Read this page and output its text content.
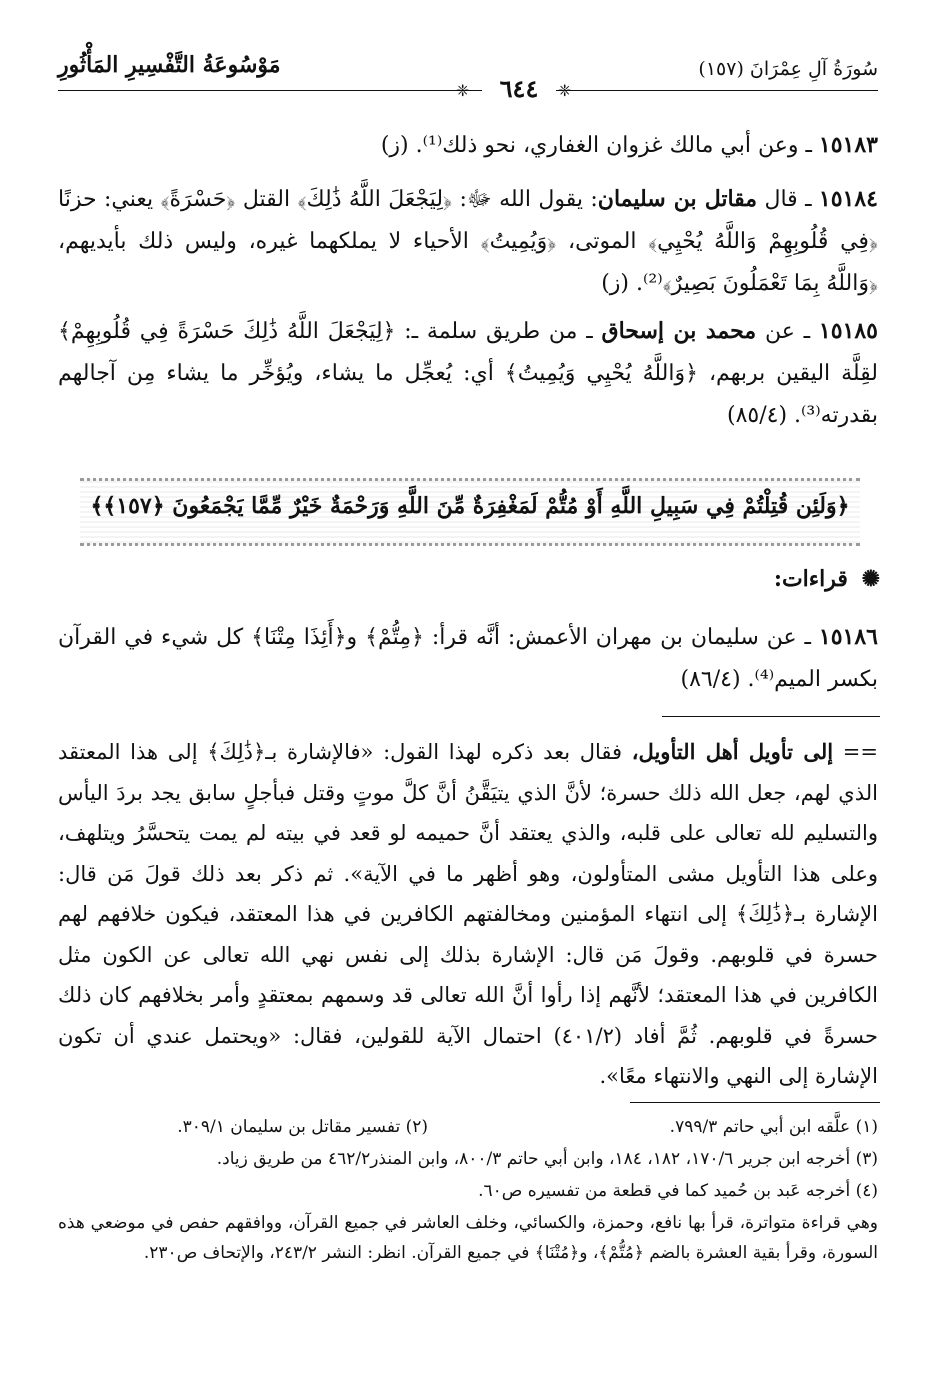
سُورَةُ آلِ عِمْرَانَ (١٥٧)
مَوْسُوعَةُ التَّفْسِيرِ المَأْثُورِ
❈
❈	٦٤٤
١٥١٨٣ ـ وعن أبي مالك غزوان الغفاري، نحو ذلك⁽¹⁾. (ز)
١٥١٨٤ ـ قال مقاتل بن سليمان: يقول الله ﷻ: ﴿لِيَجْعَلَ اللَّهُ ذَٰلِكَ﴾ القتل ﴿حَسْرَةً﴾ يعني: حزنًا ﴿فِي قُلُوبِهِمْ وَاللَّهُ يُحْيِي﴾ الموتى، ﴿وَيُمِيتُ﴾ الأحياء لا يملكهما غيره، وليس ذلك بأيديهم، ﴿وَاللَّهُ بِمَا تَعْمَلُونَ بَصِيرٌ﴾⁽²⁾. (ز)
١٥١٨٥ ـ عن محمد بن إسحاق ـ من طريق سلمة ـ: ﴿لِيَجْعَلَ اللَّهُ ذَٰلِكَ حَسْرَةً فِي قُلُوبِهِمْ﴾ لقِلَّة اليقين بربهم، ﴿وَاللَّهُ يُحْيِي وَيُمِيتُ﴾ أي: يُعجِّل ما يشاء، ويُؤخِّر ما يشاء مِن آجالهم بقدرته⁽³⁾. (٨٥/٤)
﴿وَلَئِن قُتِلْتُمْ فِي سَبِيلِ اللَّهِ أَوْ مُتُّمْ لَمَغْفِرَةٌ مِّنَ اللَّهِ وَرَحْمَةٌ خَيْرٌ مِّمَّا يَجْمَعُونَ ﴿١٥٧﴾﴾
✺ قراءات:
١٥١٨٦ ـ عن سليمان بن مهران الأعمش: أنَّه قرأ: ﴿مِتُّمْ﴾ و﴿أَئِذَا مِتْنَا﴾ كل شيء في القرآن بكسر الميم⁽⁴⁾. (٨٦/٤)
== إلى تأويل أهل التأويل، فقال بعد ذكره لهذا القول: «فالإشارة بـ﴿ذَٰلِكَ﴾ إلى هذا المعتقد الذي لهم، جعل الله ذلك حسرة؛ لأنَّ الذي يتيَقَّنُ أنَّ كلَّ موتٍ وقتل فبأجلٍ سابق يجد بردَ اليأس والتسليم لله تعالى على قلبه، والذي يعتقد أنَّ حميمه لو قعد في بيته لم يمت يتحسَّرُ ويتلهف، وعلى هذا التأويل مشى المتأولون، وهو أظهر ما في الآية». ثم ذكر بعد ذلك قولَ مَن قال: الإشارة بـ﴿ذَٰلِكَ﴾ إلى انتهاء المؤمنين ومخالفتهم الكافرين في هذا المعتقد، فيكون خلافهم لهم حسرة في قلوبهم. وقولَ مَن قال: الإشارة بذلك إلى نفس نهي الله تعالى عن الكون مثل الكافرين في هذا المعتقد؛ لأنَّهم إذا رأوا أنَّ الله تعالى قد وسمهم بمعتقدٍ وأمر بخلافهم كان ذلك حسرةً في قلوبهم. ثُمَّ أفاد (٤٠١/٢) احتمال الآية للقولين، فقال: «ويحتمل عندي أن تكون الإشارة إلى النهي والانتهاء معًا».
(١) علَّقه ابن أبي حاتم ٧٩٩/٣.
(٢) تفسير مقاتل بن سليمان ٣٠٩/١.
(٣) أخرجه ابن جرير ١٧٠/٦، ١٨٢، ١٨٤، وابن أبي حاتم ٨٠٠/٣، وابن المنذر٤٦٢/٢ من طريق زياد.
(٤) أخرجه عَبد بن حُميد كما في قطعة من تفسيره ص٦٠.
وهي قراءة متواترة، قرأ بها نافع، وحمزة، والكسائي، وخلف العاشر في جميع القرآن، ووافقهم حفص في موضعي هذه السورة، وقرأ بقية العشرة بالضم ﴿مُتُّمْ﴾، و﴿مُتْنَا﴾ في جميع القرآن. انظر: النشر ٢٤٣/٢، والإتحاف ص٢٣٠.
